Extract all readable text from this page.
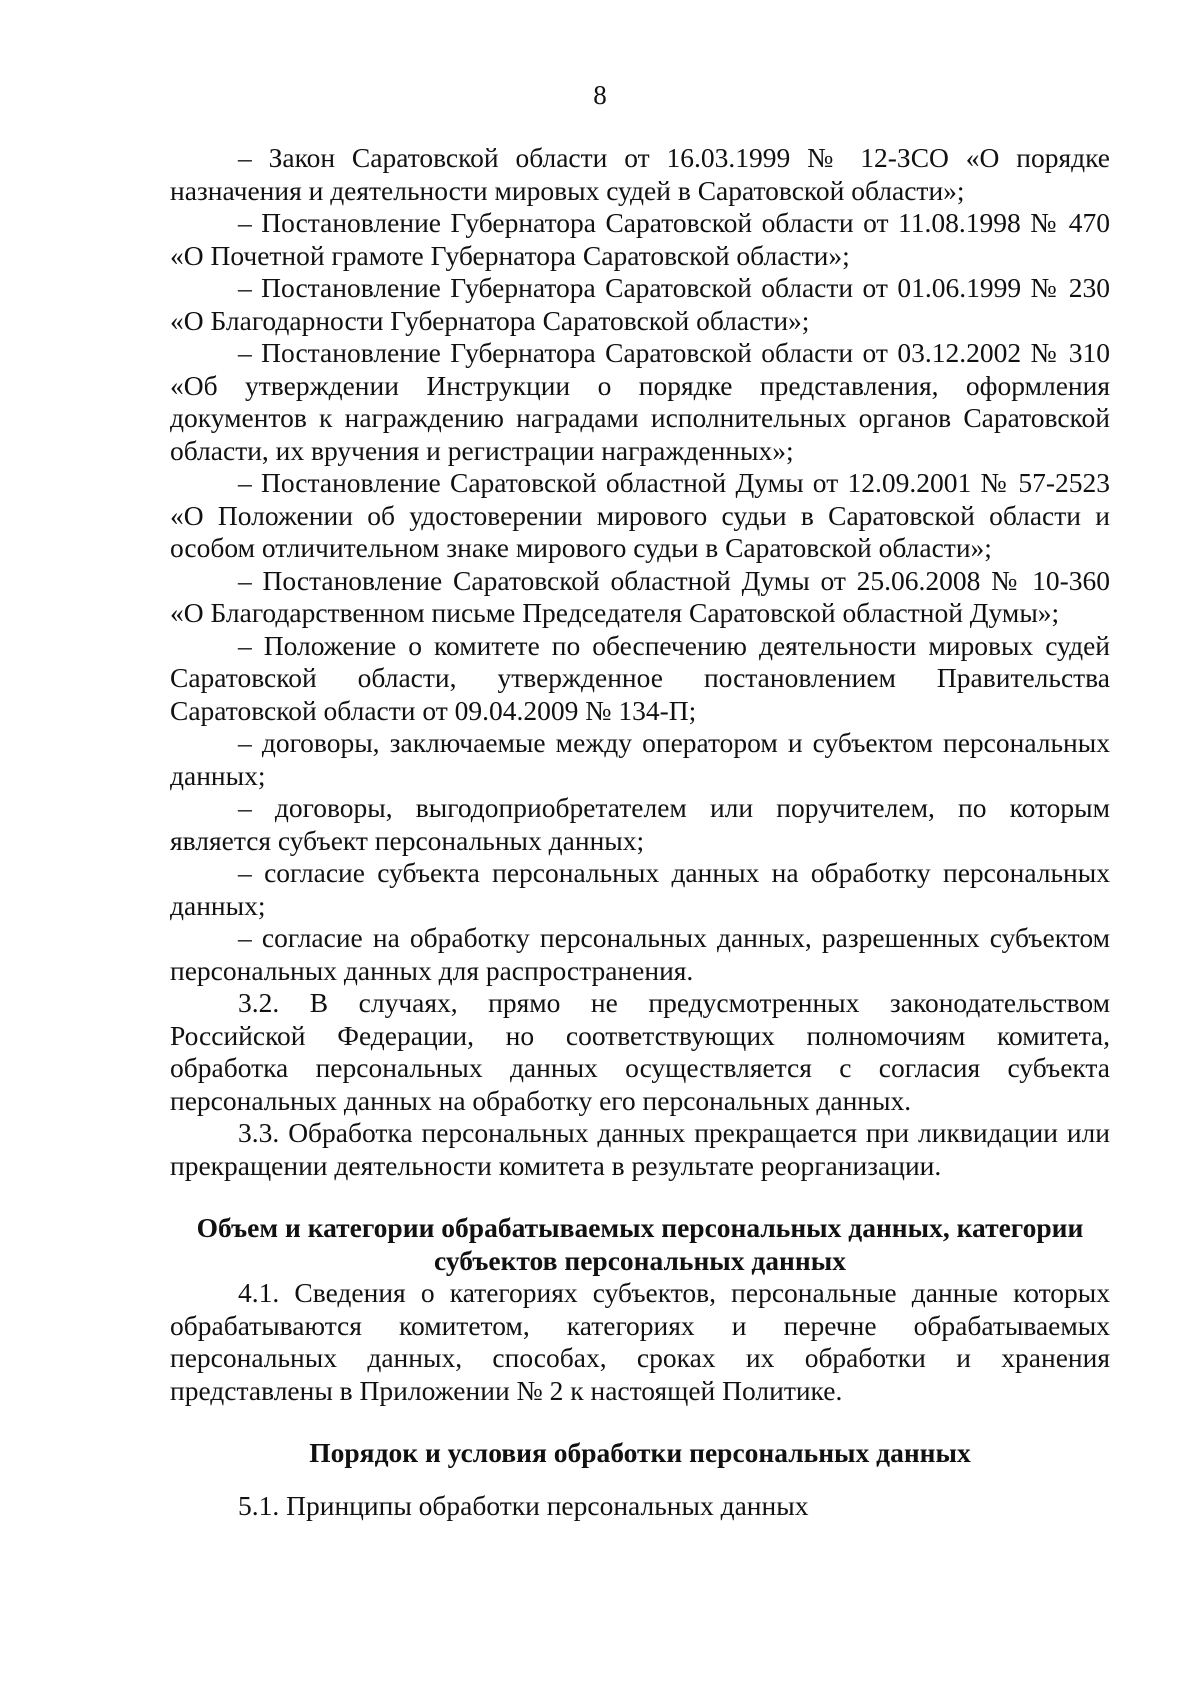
8

– Закон Саратовской области от 16.03.1999 № 12-ЗСО «О порядке назначения и деятельности мировых судей в Саратовской области»;

– Постановление Губернатора Саратовской области от 11.08.1998 № 470 «О Почетной грамоте Губернатора Саратовской области»;

– Постановление Губернатора Саратовской области от 01.06.1999 № 230 «О Благодарности Губернатора Саратовской области»;

– Постановление Губернатора Саратовской области от 03.12.2002 № 310 «Об утверждении Инструкции о порядке представления, оформления документов к награждению наградами исполнительных органов Саратовской области, их вручения и регистрации награжденных»;

– Постановление Саратовской областной Думы от 12.09.2001 № 57-2523 «О Положении об удостоверении мирового судьи в Саратовской области и особом отличительном знаке мирового судьи в Саратовской области»;

– Постановление Саратовской областной Думы от 25.06.2008 № 10-360 «О Благодарственном письме Председателя Саратовской областной Думы»;

– Положение о комитете по обеспечению деятельности мировых судей Саратовской области, утвержденное постановлением Правительства Саратовской области от 09.04.2009 № 134-П;

– договоры, заключаемые между оператором и субъектом персональных данных;

– договоры, выгодоприобретателем или поручителем, по которым является субъект персональных данных;

– согласие субъекта персональных данных на обработку персональных данных;

– согласие на обработку персональных данных, разрешенных субъектом персональных данных для распространения.

3.2. В случаях, прямо не предусмотренных законодательством Российской Федерации, но соответствующих полномочиям комитета, обработка персональных данных осуществляется с согласия субъекта персональных данных на обработку его персональных данных.

3.3. Обработка персональных данных прекращается при ликвидации или прекращении деятельности комитета в результате реорганизации.

Объем и категории обрабатываемых персональных данных, категории субъектов персональных данных

4.1. Сведения о категориях субъектов, персональные данные которых обрабатываются комитетом, категориях и перечне обрабатываемых персональных данных, способах, сроках их обработки и хранения представлены в Приложении № 2 к настоящей Политике.

Порядок и условия обработки персональных данных

5.1. Принципы обработки персональных данных
